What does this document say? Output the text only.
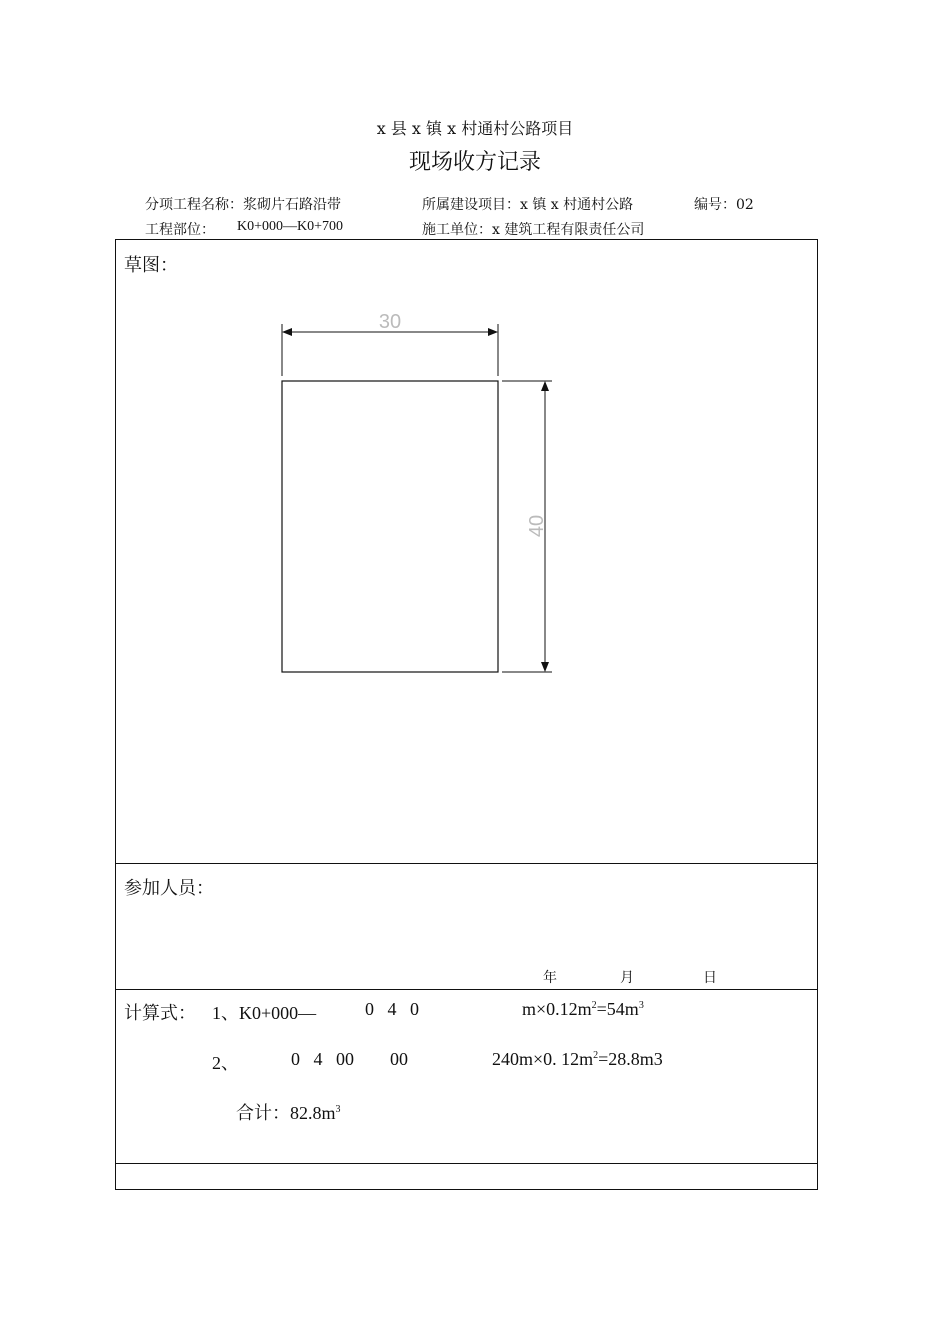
x 县 x 镇 x 村通村公路项目
现场收方记录
分项工程名称：浆砌片石路沿带	所属建设项目：x 镇 x 村通村公路	编号：02
工程部位： K0+000—K0+700	施工单位：x 建筑工程有限责任公司
草图：
30
40
参加人员：
年	月	日
计算式： 1、K0+000—	0   4   0	$m\times 0.12m^2=54m^3$
2、	0   4   00        00	240m×0. $12m^2=28.8m3$
合计：$82.8m^3$
